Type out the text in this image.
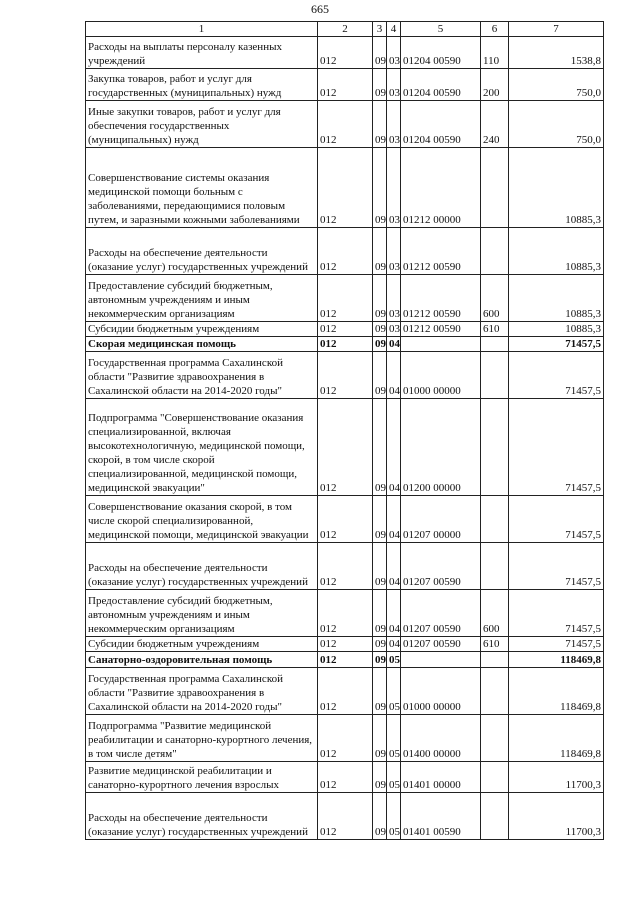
665
1	2	3	4	5	6	7
Расходы на выплаты персоналу казенных учреждений	012	09	03	01204 00590	110	1538,8
Закупка товаров, работ и услуг для государственных (муниципальных) нужд	012	09	03	01204 00590	200	750,0
Иные закупки товаров, работ и услуг для обеспечения государственных (муниципальных) нужд	012	09	03	01204 00590	240	750,0
Совершенствование системы оказания медицинской помощи больным с заболеваниями, передающимися половым путем, и заразными кожными заболеваниями	012	09	03	01212 00000		10885,3
Расходы на обеспечение деятельности (оказание услуг) государственных учреждений	012	09	03	01212 00590		10885,3
Предоставление субсидий бюджетным, автономным учреждениям и иным некоммерческим организациям	012	09	03	01212 00590	600	10885,3
Субсидии бюджетным учреждениям	012	09	03	01212 00590	610	10885,3
Скорая медицинская помощь	012	09	04			71457,5
Государственная программа Сахалинской области "Развитие здравоохранения в Сахалинской области на 2014-2020 годы"	012	09	04	01000 00000		71457,5
Подпрограмма "Совершенствование оказания специализированной, включая высокотехнологичную, медицинской помощи, скорой, в том числе скорой специализированной, медицинской помощи, медицинской эвакуации"	012	09	04	01200 00000		71457,5
Совершенствование оказания скорой, в том числе скорой специализированной, медицинской помощи, медицинской эвакуации	012	09	04	01207 00000		71457,5
Расходы на обеспечение деятельности (оказание услуг) государственных учреждений	012	09	04	01207 00590		71457,5
Предоставление субсидий бюджетным, автономным учреждениям и иным некоммерческим организациям	012	09	04	01207 00590	600	71457,5
Субсидии бюджетным учреждениям	012	09	04	01207 00590	610	71457,5
Санаторно-оздоровительная помощь	012	09	05			118469,8
Государственная программа Сахалинской области "Развитие здравоохранения в Сахалинской области на 2014-2020 годы"	012	09	05	01000 00000		118469,8
Подпрограмма "Развитие медицинской реабилитации и санаторно-курортного лечения, в том числе детям"	012	09	05	01400 00000		118469,8
Развитие медицинской реабилитации и санаторно-курортного лечения взрослых	012	09	05	01401 00000		11700,3
Расходы на обеспечение деятельности (оказание услуг) государственных учреждений	012	09	05	01401 00590		11700,3
